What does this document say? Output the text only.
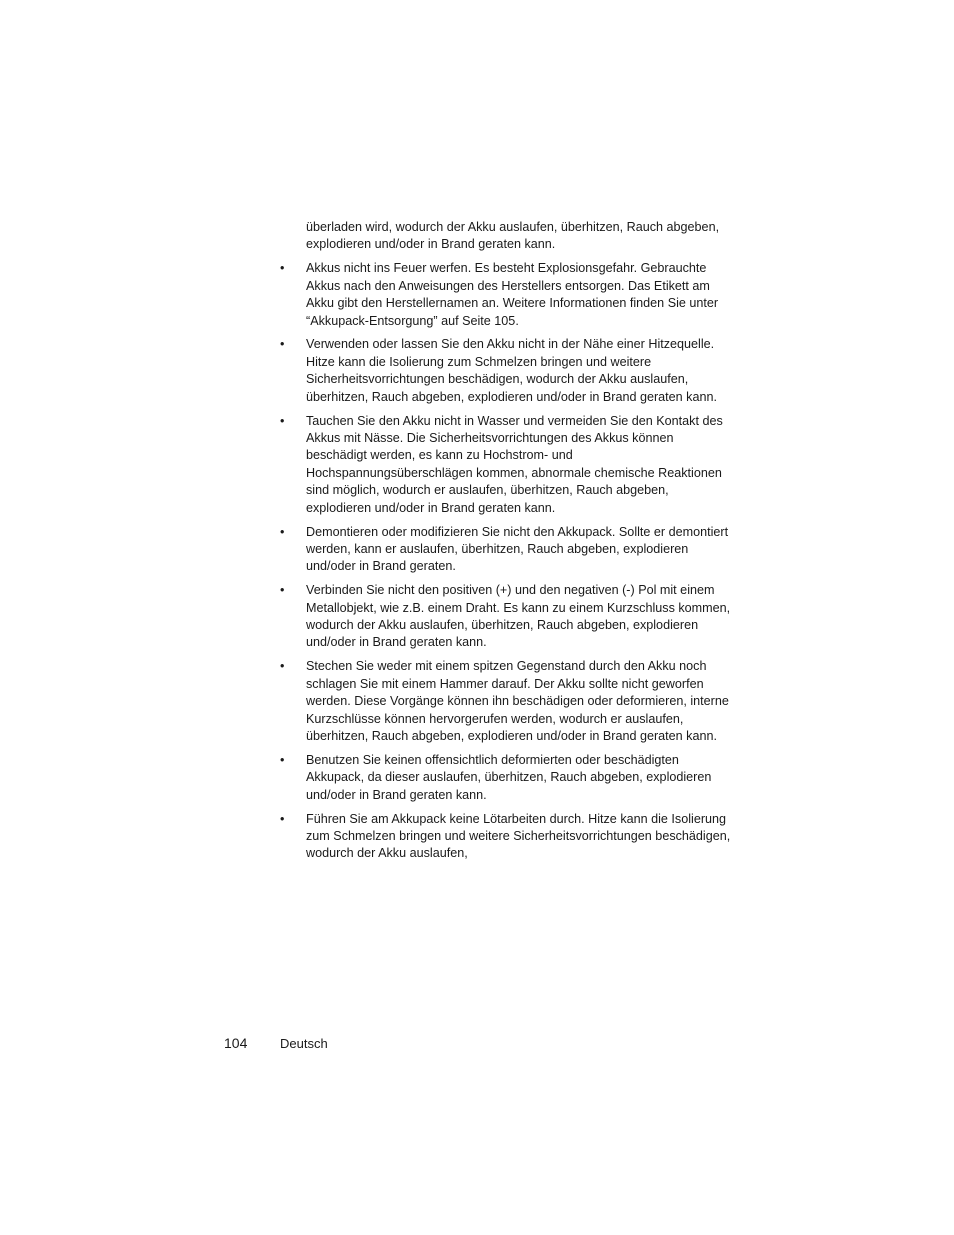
überladen wird, wodurch der Akku auslaufen, überhitzen, Rauch abgeben, explodieren und/oder in Brand geraten kann.

•	Akkus nicht ins Feuer werfen. Es besteht Explosionsgefahr. Gebrauchte Akkus nach den Anweisungen des Herstellers entsorgen. Das Etikett am Akku gibt den Herstellernamen an. Weitere Informationen finden Sie unter “Akkupack-Entsorgung” auf Seite 105.
•	Verwenden oder lassen Sie den Akku nicht in der Nähe einer Hitzequelle. Hitze kann die Isolierung zum Schmelzen bringen und weitere Sicherheitsvorrichtungen beschädigen, wodurch der Akku auslaufen, überhitzen, Rauch abgeben, explodieren und/oder in Brand geraten kann.
•	Tauchen Sie den Akku nicht in Wasser und vermeiden Sie den Kontakt des Akkus mit Nässe. Die Sicherheitsvorrichtungen des Akkus können beschädigt werden, es kann zu Hochstrom- und Hochspannungsüberschlägen kommen, abnormale chemische Reaktionen sind möglich, wodurch er auslaufen, überhitzen, Rauch abgeben, explodieren und/oder in Brand geraten kann.
•	Demontieren oder modifizieren Sie nicht den Akkupack. Sollte er demontiert werden, kann er auslaufen, überhitzen, Rauch abgeben, explodieren und/oder in Brand geraten.
•	Verbinden Sie nicht den positiven (+) und den negativen (-) Pol mit einem Metallobjekt, wie z.B. einem Draht. Es kann zu einem Kurzschluss kommen, wodurch der Akku auslaufen, überhitzen, Rauch abgeben, explodieren und/oder in Brand geraten kann.
•	Stechen Sie weder mit einem spitzen Gegenstand durch den Akku noch schlagen Sie mit einem Hammer darauf. Der Akku sollte nicht geworfen werden. Diese Vorgänge können ihn beschädigen oder deformieren, interne Kurzschlüsse können hervorgerufen werden, wodurch er auslaufen, überhitzen, Rauch abgeben, explodieren und/oder in Brand geraten kann.
•	Benutzen Sie keinen offensichtlich deformierten oder beschädigten Akkupack, da dieser auslaufen, überhitzen, Rauch abgeben, explodieren und/oder in Brand geraten kann.
•	Führen Sie am Akkupack keine Lötarbeiten durch. Hitze kann die Isolierung zum Schmelzen bringen und weitere Sicherheitsvorrichtungen beschädigen, wodurch der Akku auslaufen,
104	Deutsch
